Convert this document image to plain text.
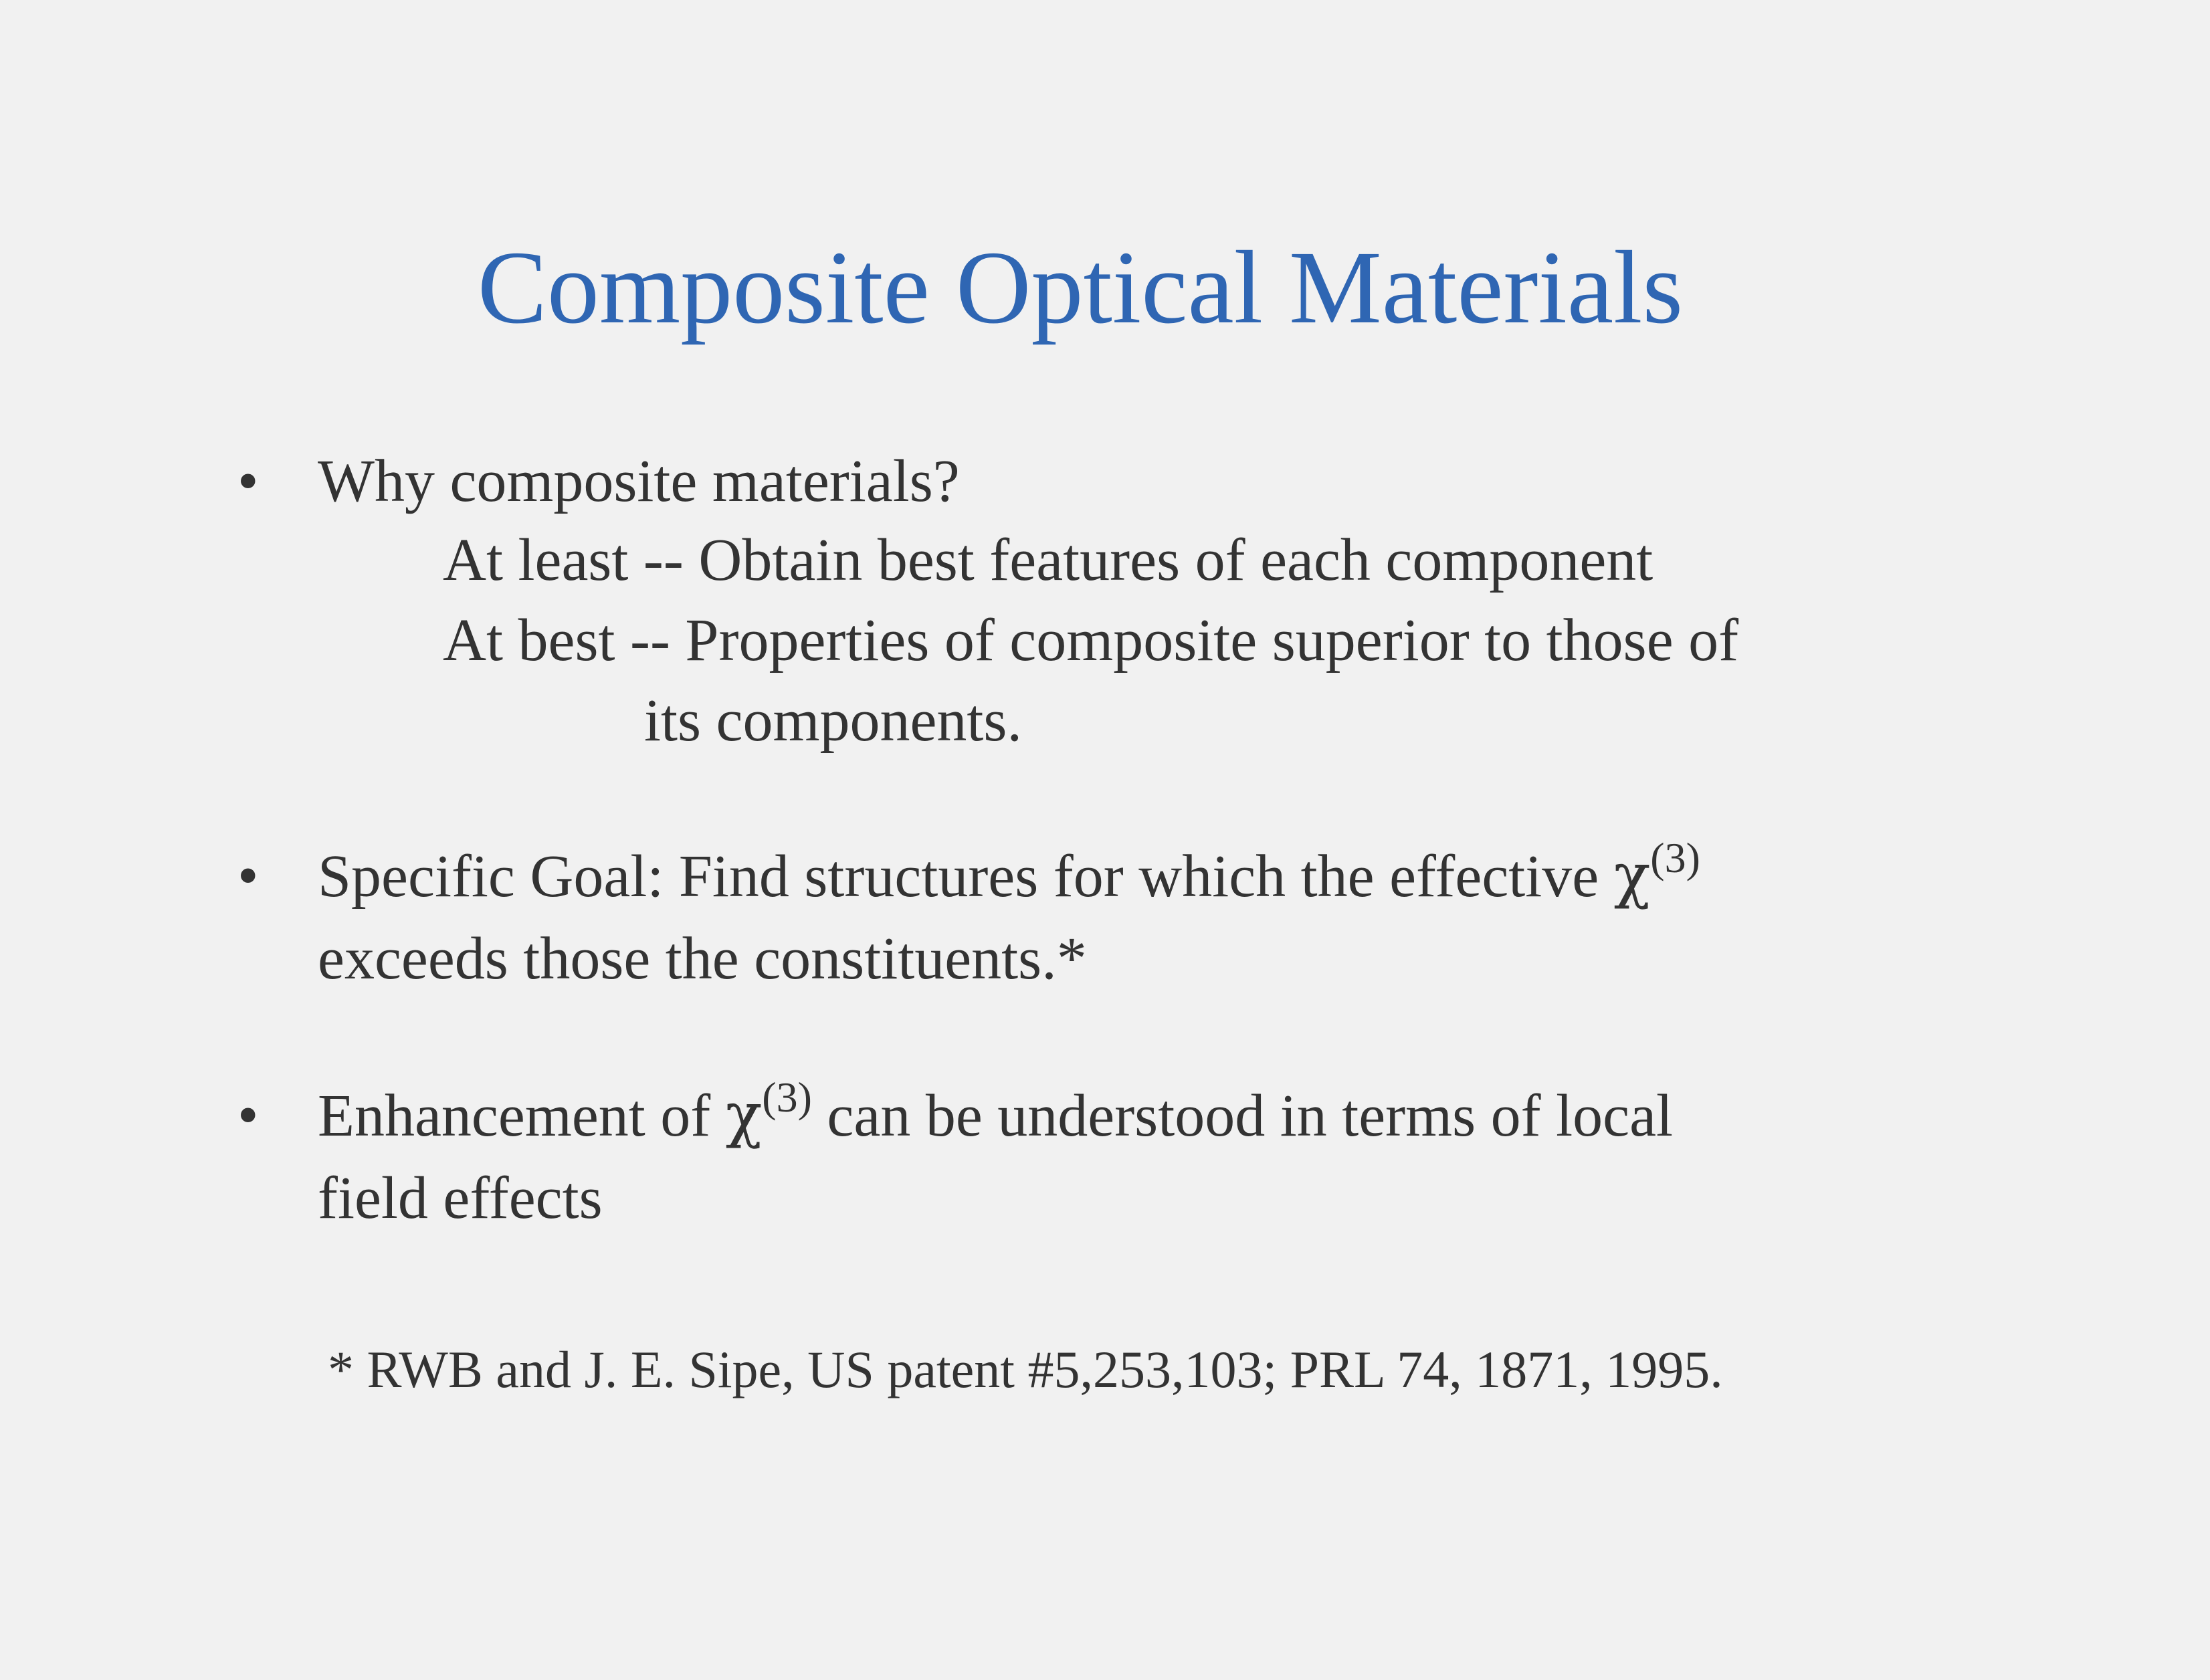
Composite Optical Materials
• Why composite materials?
At least -- Obtain best features of each component
At best -- Properties of composite superior to those of
its components.
• Specific Goal: Find structures for which the effective $\chi^{(3)}$
exceeds those the constituents.*
• Enhancement of $\chi^{(3)}$ can be understood in terms of local
field effects
* RWB and J. E. Sipe, US patent #5,253,103; PRL 74, 1871, 1995.
